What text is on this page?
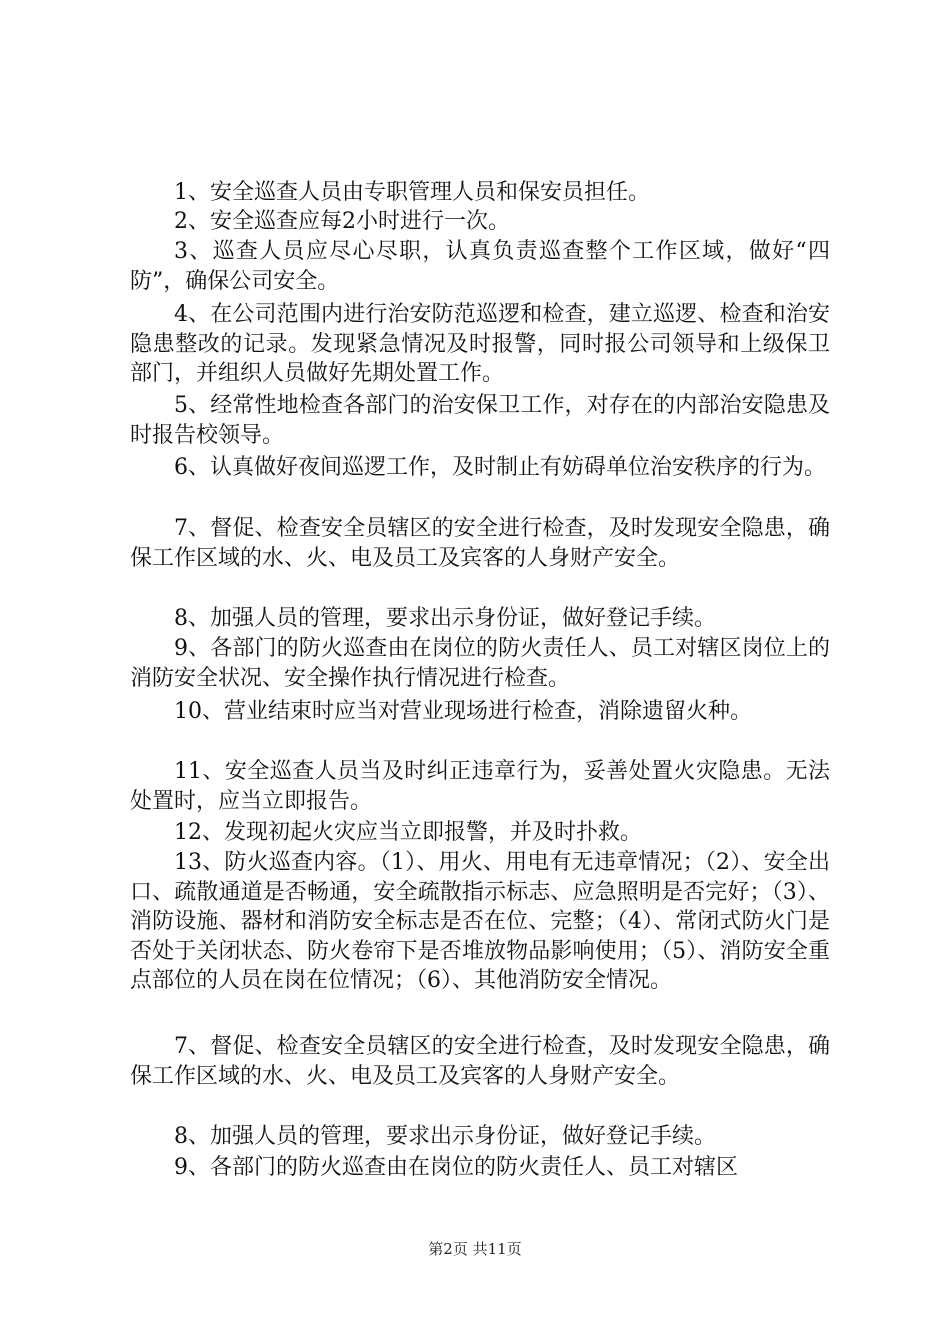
1、安全巡查人员由专职管理人员和保安员担任。

2、安全巡查应每2小时进行一次。

3、巡查人员应尽心尽职，认真负责巡查整个工作区域，做好“四防”，确保公司安全。

4、在公司范围内进行治安防范巡逻和检查，建立巡逻、检查和治安隐患整改的记录。发现紧急情况及时报警，同时报公司领导和上级保卫部门，并组织人员做好先期处置工作。

5、经常性地检查各部门的治安保卫工作，对存在的内部治安隐患及时报告校领导。

6、认真做好夜间巡逻工作，及时制止有妨碍单位治安秩序的行为。

7、督促、检查安全员辖区的安全进行检查，及时发现安全隐患，确保工作区域的水、火、电及员工及宾客的人身财产安全。

8、加强人员的管理，要求出示身份证，做好登记手续。

9、各部门的防火巡查由在岗位的防火责任人、员工对辖区岗位上的消防安全状况、安全操作执行情况进行检查。

10、营业结束时应当对营业现场进行检查，消除遗留火种。

11、安全巡查人员当及时纠正违章行为，妥善处置火灾隐患。无法处置时，应当立即报告。

12、发现初起火灾应当立即报警，并及时扑救。

13、防火巡查内容。（1）、用火、用电有无违章情况；（2）、安全出口、疏散通道是否畅通，安全疏散指示标志、应急照明是否完好；（3）、消防设施、器材和消防安全标志是否在位、完整；（4）、常闭式防火门是否处于关闭状态、防火卷帘下是否堆放物品影响使用；（5）、消防安全重点部位的人员在岗在位情况；（6）、其他消防安全情况。

7、督促、检查安全员辖区的安全进行检查，及时发现安全隐患，确保工作区域的水、火、电及员工及宾客的人身财产安全。

8、加强人员的管理，要求出示身份证，做好登记手续。

9、各部门的防火巡查由在岗位的防火责任人、员工对辖区

第2页 共11页
